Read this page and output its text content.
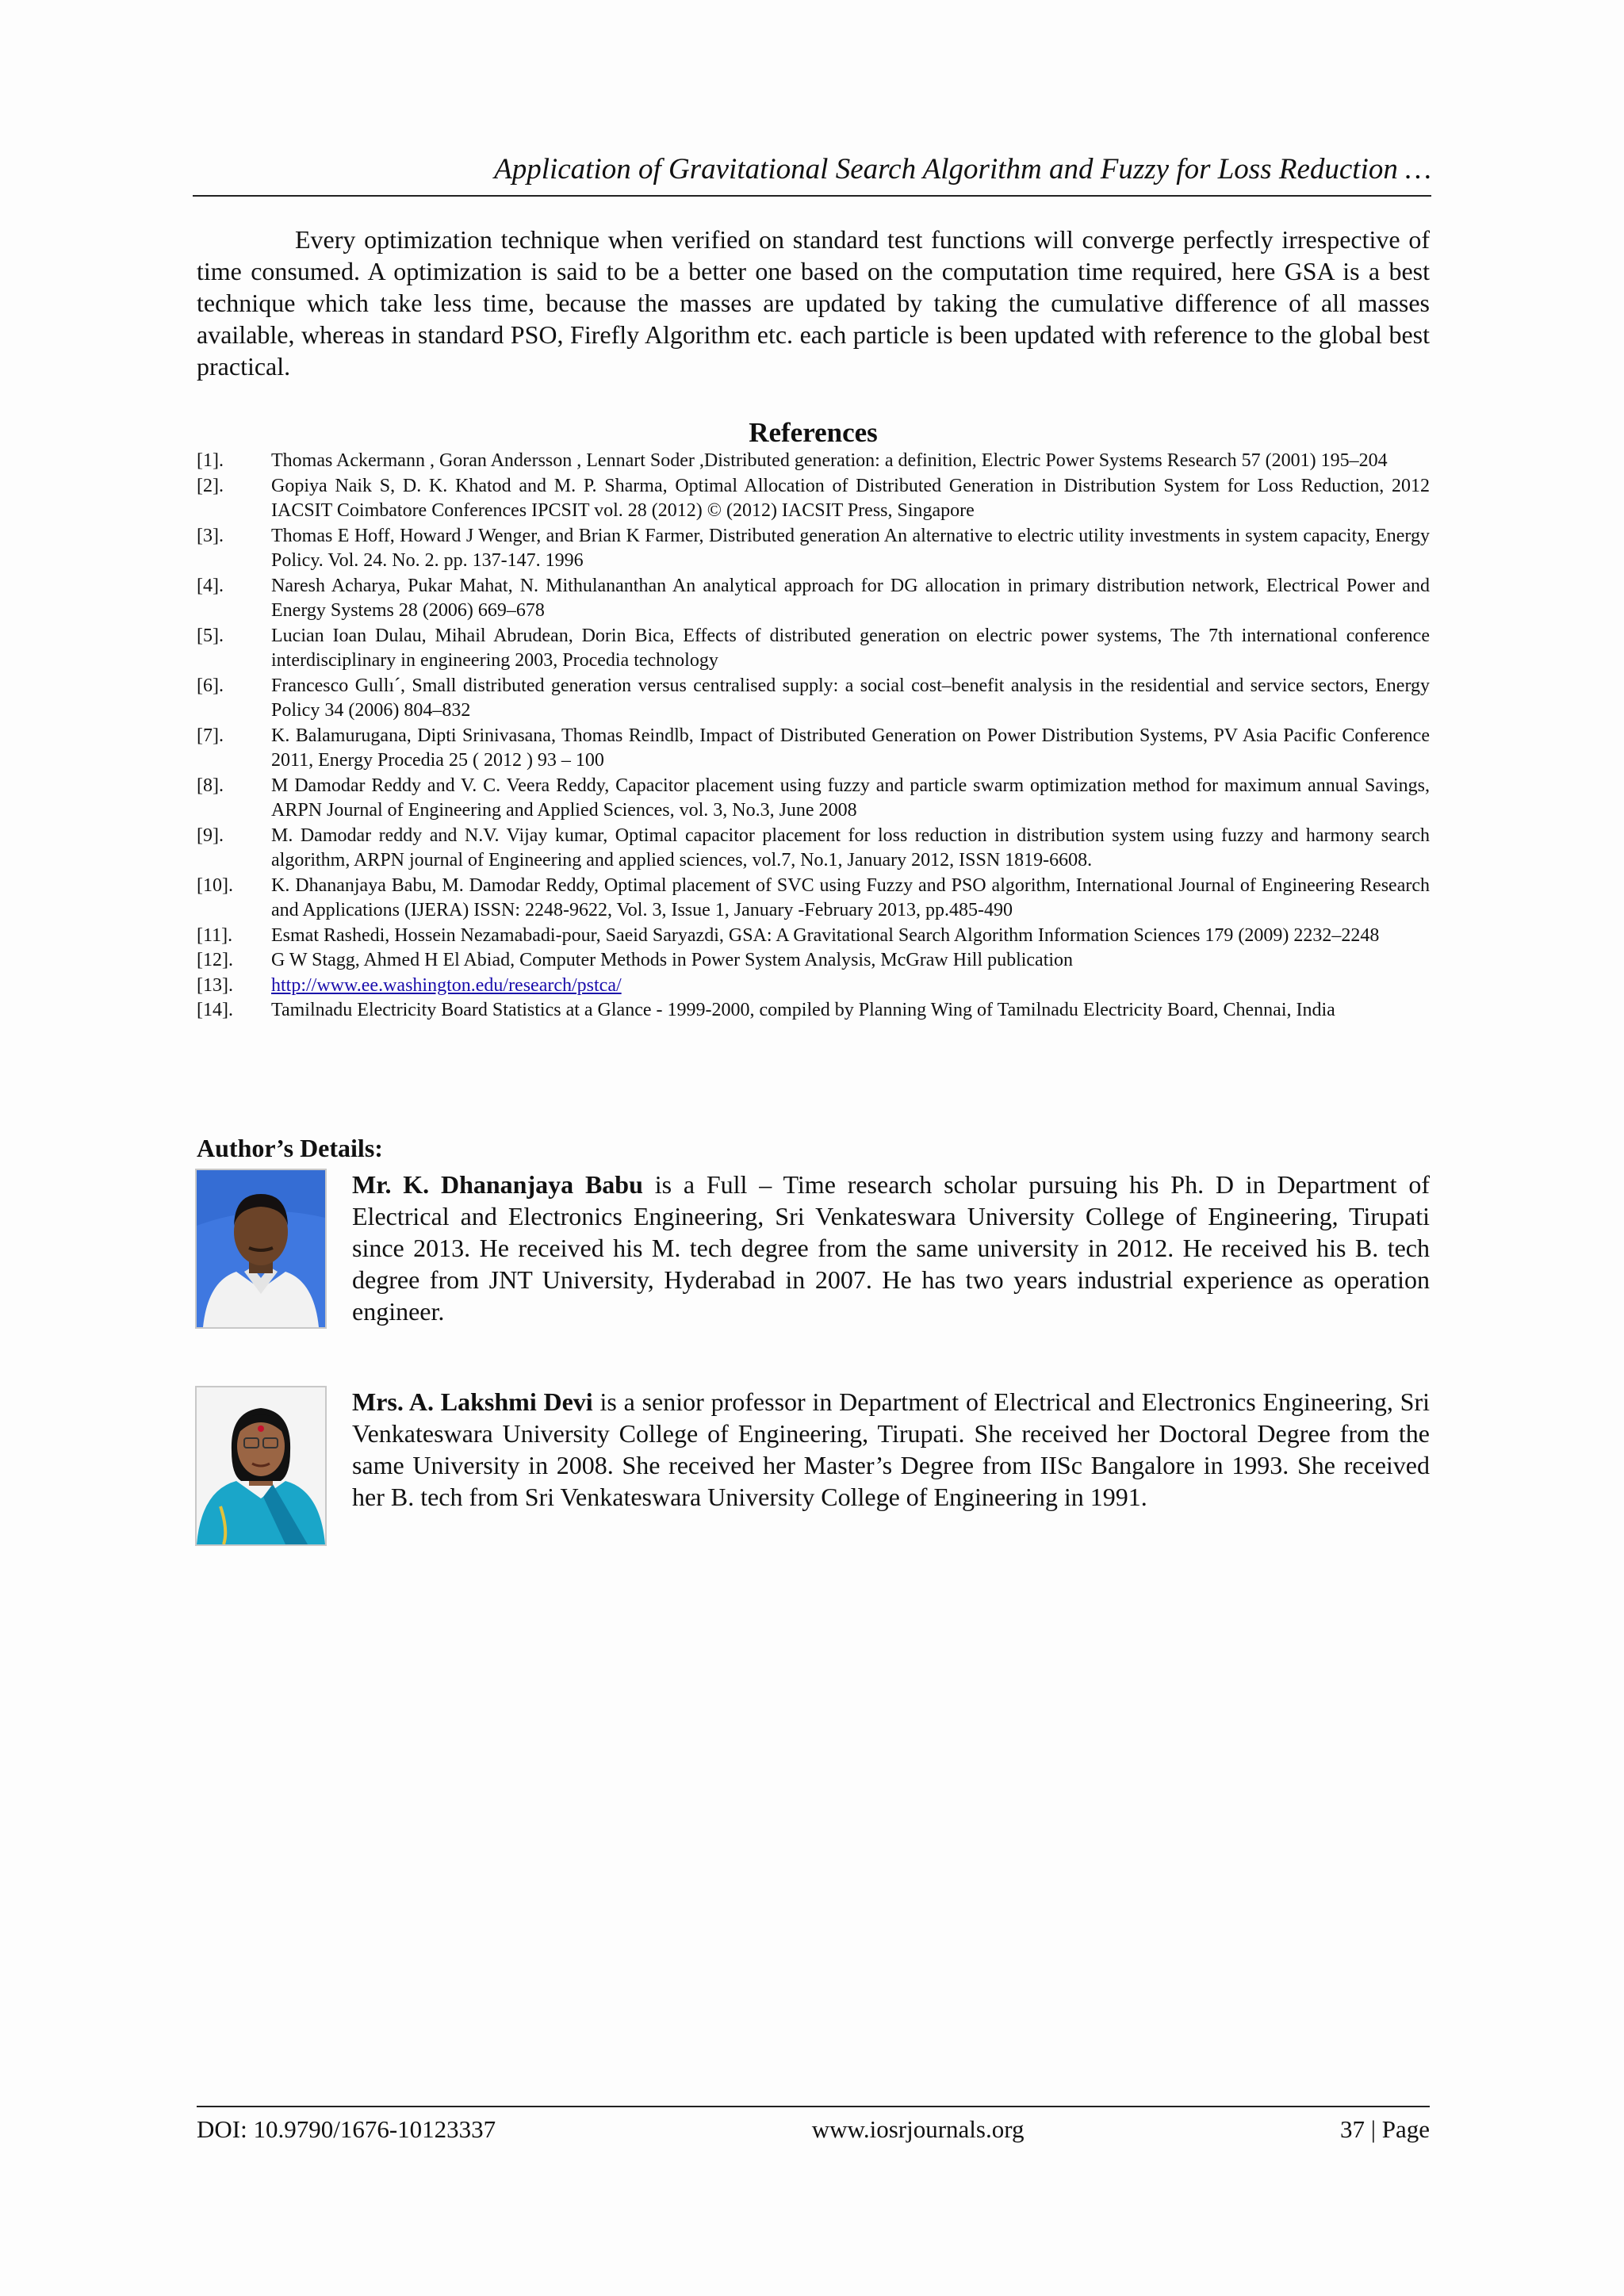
Application of Gravitational Search Algorithm and Fuzzy for Loss Reduction …

Every optimization technique when verified on standard test functions will converge perfectly irrespective of time consumed. A optimization is said to be a better one based on the computation time required, here GSA is a best technique which take less time, because the masses are updated by taking the cumulative difference of all masses available, whereas in standard PSO, Firefly Algorithm etc. each particle is been updated with reference to the global best practical.

References
[1].	Thomas Ackermann , Goran Andersson , Lennart Soder ,Distributed generation: a definition, Electric Power Systems Research 57 (2001) 195–204
[2].	Gopiya Naik S, D. K. Khatod and M. P. Sharma, Optimal Allocation of Distributed Generation in Distribution System for Loss Reduction, 2012 IACSIT Coimbatore Conferences IPCSIT vol. 28 (2012) © (2012) IACSIT Press, Singapore
[3].	Thomas E Hoff, Howard J Wenger, and Brian K Farmer, Distributed generation An alternative to electric utility investments in system capacity, Energy Policy. Vol. 24. No. 2. pp. 137-147. 1996
[4].	Naresh Acharya, Pukar Mahat, N. Mithulananthan An analytical approach for DG allocation in primary distribution network, Electrical Power and Energy Systems 28 (2006) 669–678
[5].	Lucian Ioan Dulau, Mihail Abrudean, Dorin Bica, Effects of distributed generation on electric power systems, The 7th international conference interdisciplinary in engineering 2003, Procedia technology
[6].	Francesco Gullı´, Small distributed generation versus centralised supply: a social cost–benefit analysis in the residential and service sectors, Energy Policy 34 (2006) 804–832
[7].	K. Balamurugana, Dipti Srinivasana, Thomas Reindlb, Impact of Distributed Generation on Power Distribution Systems, PV Asia Pacific Conference 2011, Energy Procedia 25 ( 2012 ) 93 – 100
[8].	M Damodar Reddy and V. C. Veera Reddy, Capacitor placement using fuzzy and particle swarm optimization method for maximum annual Savings, ARPN Journal of Engineering and Applied Sciences, vol. 3, No.3, June 2008
[9].	M. Damodar reddy and N.V. Vijay kumar, Optimal capacitor placement for loss reduction in distribution system using fuzzy and harmony search algorithm, ARPN journal of Engineering and applied sciences, vol.7, No.1, January 2012, ISSN 1819-6608.
[10].	K. Dhananjaya Babu, M. Damodar Reddy, Optimal placement of SVC using Fuzzy and PSO algorithm, International Journal of Engineering Research and Applications (IJERA) ISSN: 2248-9622, Vol. 3, Issue 1, January -February 2013, pp.485-490
[11].	Esmat Rashedi, Hossein Nezamabadi-pour, Saeid Saryazdi, GSA: A Gravitational Search Algorithm Information Sciences 179 (2009) 2232–2248
[12].	G W Stagg, Ahmed H El Abiad, Computer Methods in Power System Analysis, McGraw Hill publication
[13].	http://www.ee.washington.edu/research/pstca/
[14].	Tamilnadu Electricity Board Statistics at a Glance - 1999-2000, compiled by Planning Wing of Tamilnadu Electricity Board, Chennai, India
Author’s Details:

Mr. K. Dhananjaya Babu is a Full – Time research scholar pursuing his Ph. D in Department of Electrical and Electronics Engineering, Sri Venkateswara University College of Engineering, Tirupati since 2013. He received his M. tech degree from the same university in 2012. He received his B. tech degree from JNT University, Hyderabad in 2007. He has two years industrial experience as operation engineer.

Mrs. A. Lakshmi Devi is a senior professor in Department of Electrical and Electronics Engineering, Sri Venkateswara University College of Engineering, Tirupati. She received her Doctoral Degree from the same University in 2008. She received her Master’s Degree from IISc Bangalore in 1993. She received her B. tech from Sri Venkateswara University College of Engineering in 1991.

DOI: 10.9790/1676-10123337	www.iosrjournals.org	37 | Page
